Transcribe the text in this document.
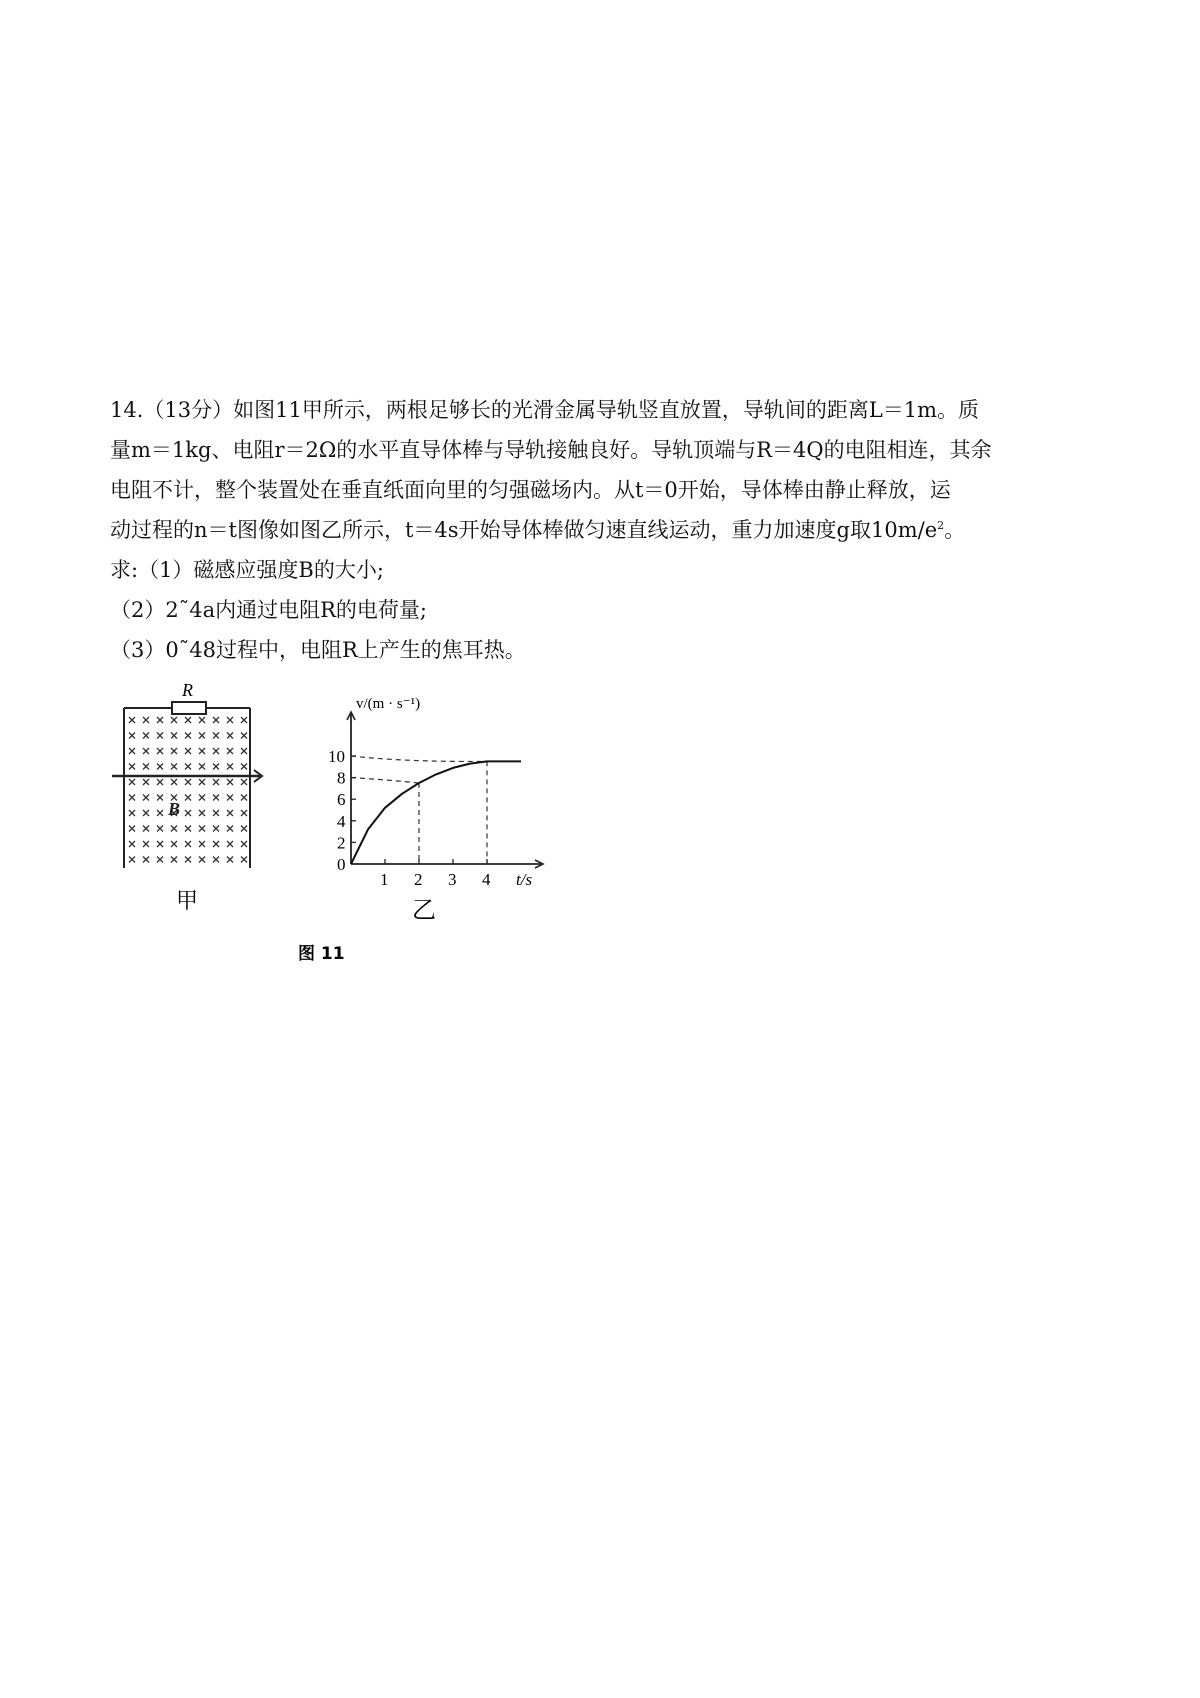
14.（13分）如图11甲所示，两根足够长的光滑金属导轨竖直放置，导轨间的距离L＝1m。质

量m＝1kg、电阻r＝2Ω的水平直导体棒与导轨接触良好。导轨顶端与R＝4Q的电阻相连，其余

电阻不计，整个装置处在垂直纸面向里的匀强磁场内。从t＝0开始，导体棒由静止释放，运

动过程的n＝t图像如图乙所示，t＝4s开始导体棒做匀速直线运动，重力加速度g取$10m/e^2$。

求:（1）磁感应强度B的大小;

（2）2˜4a内通过电阻R的电荷量;

（3）0˜48过程中，电阻R上产生的焦耳热。

R
B
甲
1 2 3 4
0
2
4
6
8
10
t/s
v/(m · s⁻¹)
乙
图 11
